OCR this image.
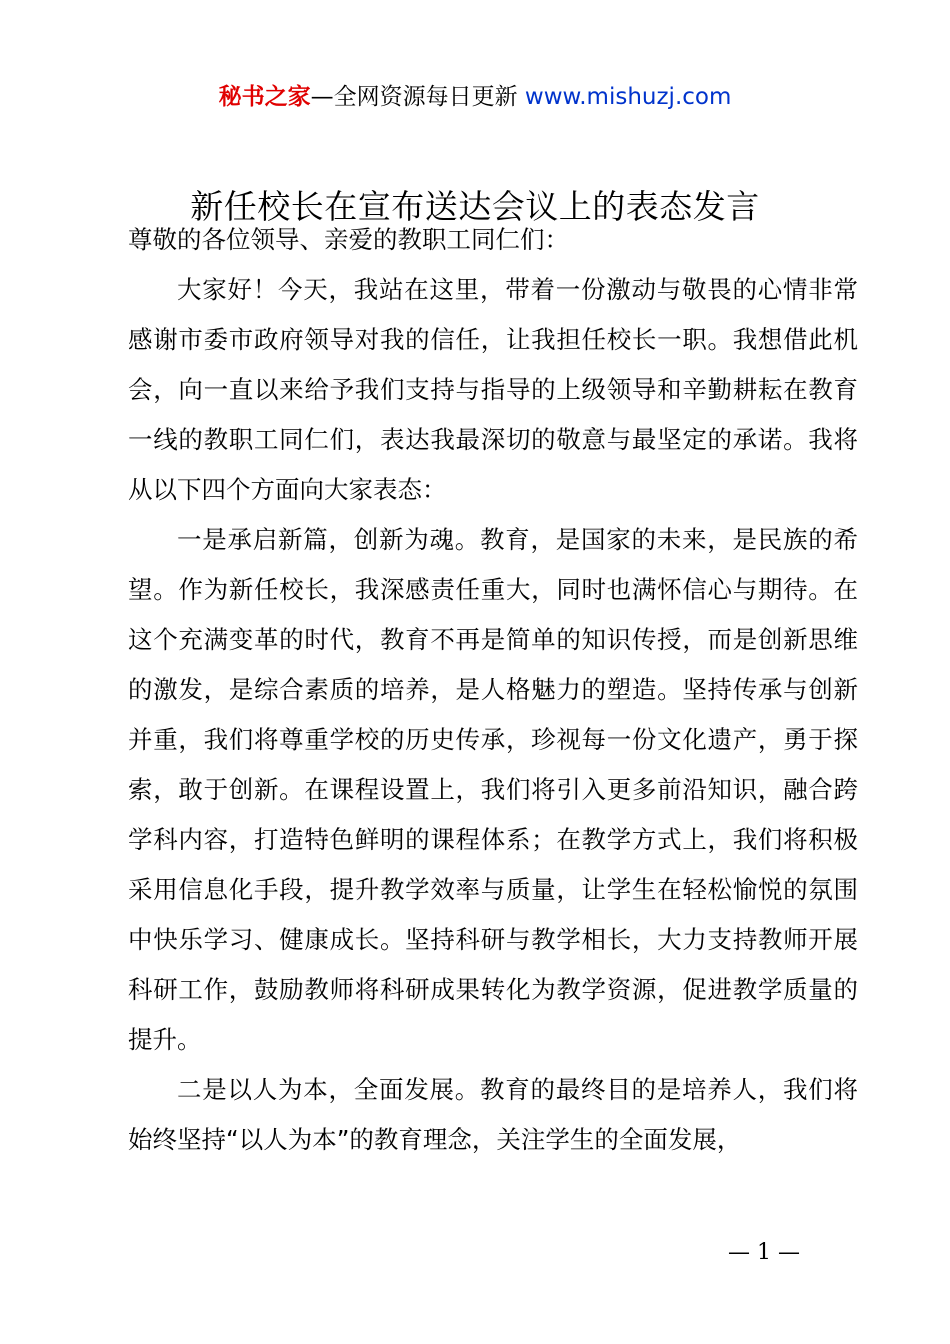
秘书之家—全网资源每日更新 www.mishuzj.com
新任校长在宣布送达会议上的表态发言

尊敬的各位领导、亲爱的教职工同仁们：

大家好！今天，我站在这里，带着一份激动与敬畏的心情非常感谢市委市政府领导对我的信任，让我担任校长一职。我想借此机会，向一直以来给予我们支持与指导的上级领导和辛勤耕耘在教育一线的教职工同仁们，表达我最深切的敬意与最坚定的承诺。我将从以下四个方面向大家表态：

一是承启新篇，创新为魂。教育，是国家的未来，是民族的希望。作为新任校长，我深感责任重大，同时也满怀信心与期待。在这个充满变革的时代，教育不再是简单的知识传授，而是创新思维的激发，是综合素质的培养，是人格魅力的塑造。坚持传承与创新并重，我们将尊重学校的历史传承，珍视每一份文化遗产，勇于探索，敢于创新。在课程设置上，我们将引入更多前沿知识，融合跨学科内容，打造特色鲜明的课程体系；在教学方式上，我们将积极采用信息化手段，提升教学效率与质量，让学生在轻松愉悦的氛围中快乐学习、健康成长。坚持科研与教学相长，大力支持教师开展科研工作，鼓励教师将科研成果转化为教学资源，促进教学质量的提升。

二是以人为本，全面发展。教育的最终目的是培养人，我们将始终坚持“以人为本”的教育理念，关注学生的全面发展，

— 1 —
